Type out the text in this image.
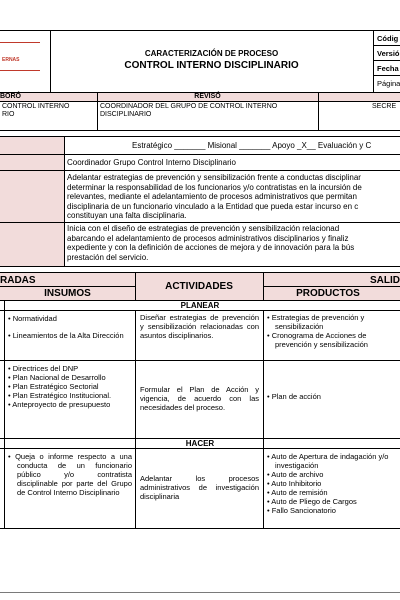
ERNAS
CARACTERIZACIÓN DE PROCESO
CONTROL INTERNO DISCIPLINARIO
Códig
Versió
Fecha
Página
BORÓ	REVISÓ
CONTROL INTERNO
RIO
COORDINADOR DEL GRUPO DE CONTROL INTERNO
DISCIPLINARIO
SECRE
Estratégico _______ Misional _______ Apoyo _X__ Evaluación y C
Coordinador Grupo Control Interno Disciplinario
Adelantar estrategias de prevención y sensibilización frente a conductas disciplinar
determinar la responsabilidad de los funcionarios y/o contratistas en la incursión de
relevantes, mediante el adelantamiento de procesos administrativos que permitan
disciplinaria de un funcionario vinculado a la Entidad que pueda estar incurso en c
constituyan una falta disciplinaria.
Inicia con el diseño de estrategias de prevención y sensibilización relacionad
abarcando el adelantamiento de procesos administrativos disciplinarios y finaliz
expediente y con la definición de acciones de mejora y de innovación para la bús
prestación del servicio.
RADAS
INSUMOS
ACTIVIDADES
SALID
PRODUCTOS
PLANEAR
• Normatividad
• Lineamientos de la Alta Dirección
Diseñar estrategias de prevención y sensibilización relacionadas con asuntos disciplinarios.
• Estrategias de prevención y sensibilización
• Cronograma de Acciones de prevención y sensibilización
• Directrices del DNP
• Plan Nacional de Desarrollo
• Plan Estratégico Sectorial
• Plan Estratégico Institucional.
• Anteproyecto de presupuesto
Formular el Plan de Acción y vigencia, de acuerdo con las necesidades del proceso.
• Plan de acción
HACER
• Queja o informe respecto a una conducta de un funcionario público y/o contratista disciplinable por parte del Grupo de Control Interno Disciplinario
Adelantar los procesos administrativos de investigación disciplinaria
• Auto de Apertura de indagación y/o investigación
• Auto de archivo
• Auto Inhibitorio
• Auto de remisión
• Auto de Pliego de Cargos
• Fallo Sancionatorio
